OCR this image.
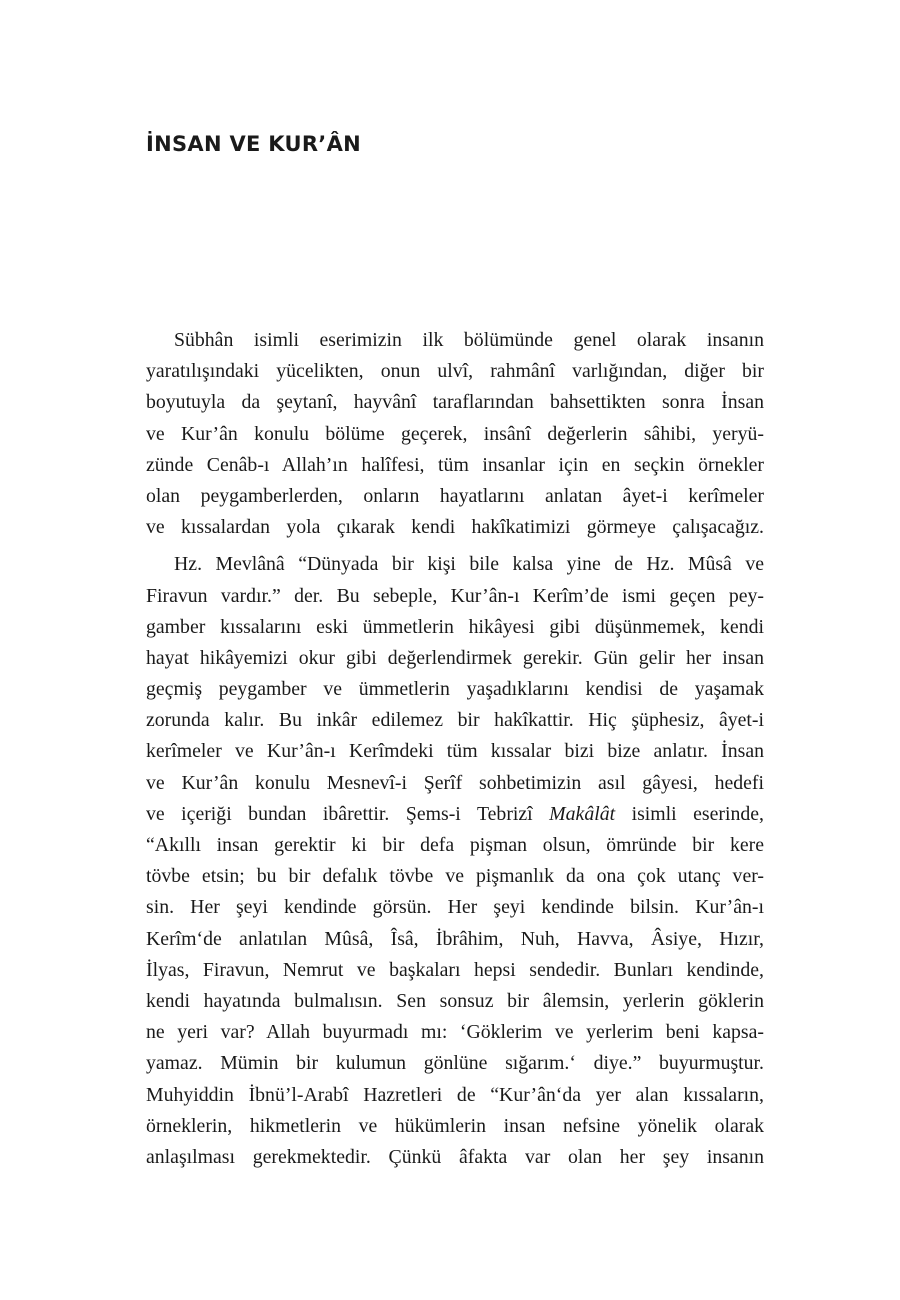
İNSAN VE KUR’ÂN
Sübhân isimli eserimizin ilk bölümünde genel olarak insanın
yaratılışındaki yücelikten, onun ulvî, rahmânî varlığından, diğer bir
boyutuyla da şeytanî, hayvânî taraflarından bahsettikten sonra İnsan
ve Kur’ân konulu bölüme geçerek, insânî değerlerin sâhibi, yeryü-
zünde Cenâb-ı Allah’ın halîfesi, tüm insanlar için en seçkin örnekler
olan peygamberlerden, onların hayatlarını anlatan âyet-i kerîmeler
ve kıssalardan yola çıkarak kendi hakîkatimizi görmeye çalışacağız.
Hz. Mevlânâ “Dünyada bir kişi bile kalsa yine de Hz. Mûsâ ve
Firavun vardır.” der. Bu sebeple, Kur’ân-ı Kerîm’de ismi geçen pey-
gamber kıssalarını eski ümmetlerin hikâyesi gibi düşünmemek, kendi
hayat hikâyemizi okur gibi değerlendirmek gerekir. Gün gelir her insan
geçmiş peygamber ve ümmetlerin yaşadıklarını kendisi de yaşamak
zorunda kalır. Bu inkâr edilemez bir hakîkattir. Hiç şüphesiz, âyet-i
kerîmeler ve Kur’ân-ı Kerîmdeki tüm kıssalar bizi bize anlatır. İnsan
ve Kur’ân konulu Mesnevî-i Şerîf sohbetimizin asıl gâyesi, hedefi
ve içeriği bundan ibârettir. Şems-i Tebrizî Makâlât isimli eserinde,
“Akıllı insan gerektir ki bir defa pişman olsun, ömründe bir kere
tövbe etsin; bu bir defalık tövbe ve pişmanlık da ona çok utanç ver-
sin. Her şeyi kendinde görsün. Her şeyi kendinde bilsin. Kur’ân-ı
Kerîm‘de anlatılan Mûsâ, Îsâ, İbrâhim, Nuh, Havva, Âsiye, Hızır,
İlyas, Firavun, Nemrut ve başkaları hepsi sendedir. Bunları kendinde,
kendi hayatında bulmalısın. Sen sonsuz bir âlemsin, yerlerin göklerin
ne yeri var? Allah buyurmadı mı: ‘Göklerim ve yerlerim beni kapsa-
yamaz. Mümin bir kulumun gönlüne sığarım.‘ diye.” buyurmuştur.
Muhyiddin İbnü’l-Arabî Hazretleri de “Kur’ân‘da yer alan kıssaların,
örneklerin, hikmetlerin ve hükümlerin insan nefsine yönelik olarak
anlaşılması gerekmektedir. Çünkü âfakta var olan her şey insanın
